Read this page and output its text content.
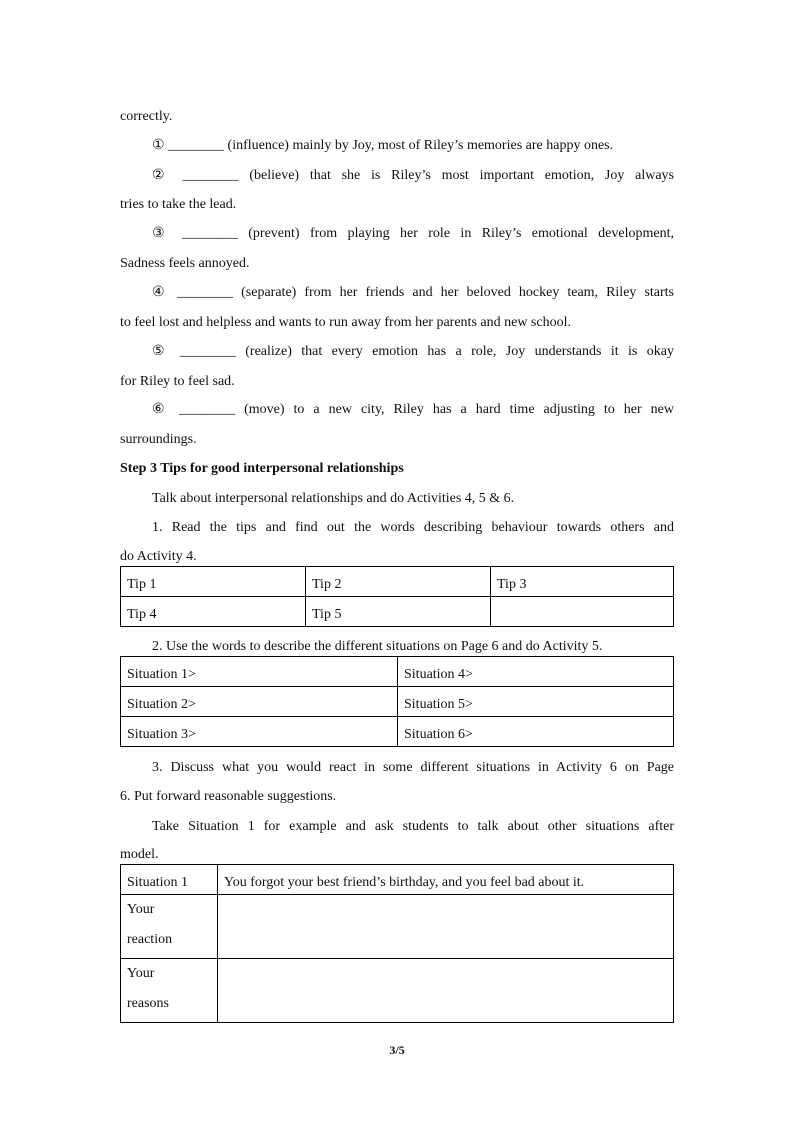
correctly.
① ________ (influence) mainly by Joy, most of Riley’s memories are happy ones.
② ________ (believe) that she is Riley’s most important emotion, Joy always
tries to take the lead.
③ ________ (prevent) from playing her role in Riley’s emotional development,
Sadness feels annoyed.
④ ________ (separate) from her friends and her beloved hockey team, Riley starts
to feel lost and helpless and wants to run away from her parents and new school.
⑤ ________ (realize) that every emotion has a role, Joy understands it is okay
for Riley to feel sad.
⑥ ________ (move) to a new city, Riley has a hard time adjusting to her new
surroundings.
Step 3 Tips for good interpersonal relationships
Talk about interpersonal relationships and do Activities 4, 5 & 6.
1. Read the tips and find out the words describing behaviour towards others and
do Activity 4.
Tip 1	Tip 2	Tip 3
Tip 4	Tip 5	
2. Use the words to describe the different situations on Page 6 and do Activity 5.
Situation 1>	Situation 4>
Situation 2>	Situation 5>
Situation 3>	Situation 6>
3. Discuss what you would react in some different situations in Activity 6 on Page
6. Put forward reasonable suggestions.
Take Situation 1 for example and ask students to talk about other situations after
model.
Situation 1	You forgot your best friend’s birthday, and you feel bad about it.

Your
reaction	

Your
reasons	

3/5
